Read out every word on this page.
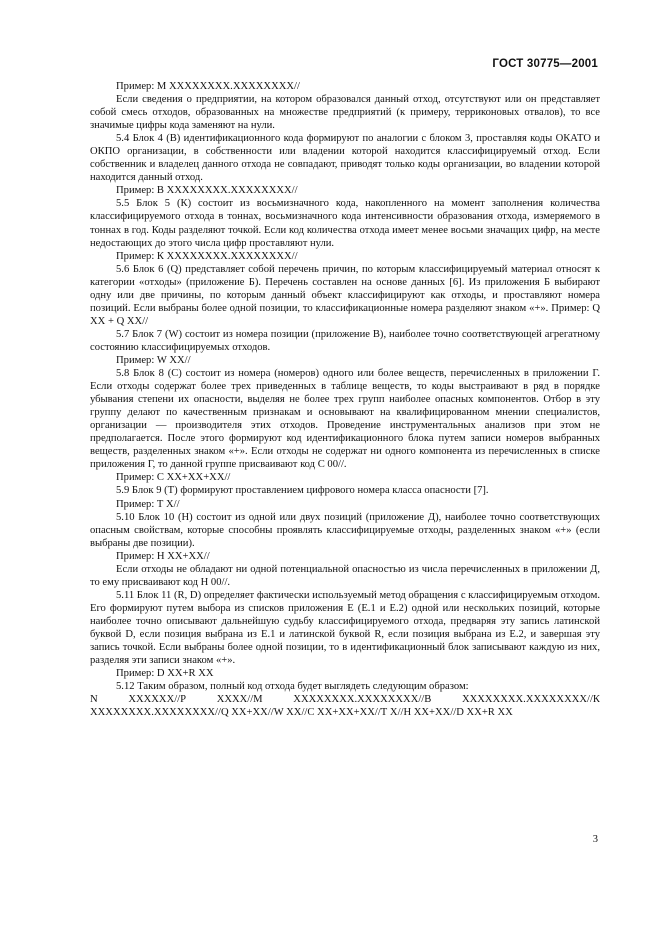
ГОСТ 30775—2001

Пример: М ХХХХХХХХ.ХХХХХХХХ//

Если сведения о предприятии, на котором образовался данный отход, отсутствуют или он представляет собой смесь отходов, образованных на множестве предприятий (к примеру, терриконовых отвалов), то все значимые цифры кода заменяют на нули.

5.4 Блок 4 (В) идентификационного кода формируют по аналогии с блоком 3, проставляя коды ОКАТО и ОКПО организации, в собственности или владении которой находится классифицируемый отход. Если собственник и владелец данного отхода не совпадают, приводят только коды организации, во владении которой находится данный отход.

Пример: В ХХХХХХХХ.ХХХХХХХХ//

5.5 Блок 5 (К) состоит из восьмизначного кода, накопленного на момент заполнения количества классифицируемого отхода в тоннах, восьмизначного кода интенсивности образования отхода, измеряемого в тоннах в год. Коды разделяют точкой. Если код количества отхода имеет менее восьми значащих цифр, на месте недостающих до этого числа цифр проставляют нули.

Пример: К ХХХХХХХХ.ХХХХХХХХ//

5.6 Блок 6 (Q) представляет собой перечень причин, по которым классифицируемый материал относят к категории «отходы» (приложение Б). Перечень составлен на основе данных [6]. Из приложения Б выбирают одну или две причины, по которым данный объект классифицируют как отходы, и проставляют номера позиций. Если выбраны более одной позиции, то классификационные номера разделяют знаком «+». Пример: Q ХХ + Q ХХ//

5.7 Блок 7 (W) состоит из номера позиции (приложение В), наиболее точно соответствующей агрегатному состоянию классифицируемых отходов.

Пример: W ХХ//

5.8 Блок 8 (С) состоит из номера (номеров) одного или более веществ, перечисленных в приложении Г. Если отходы содержат более трех приведенных в таблице веществ, то коды выстраивают в ряд в порядке убывания степени их опасности, выделяя не более трех групп наиболее опасных компонентов. Отбор в эту группу делают по качественным признакам и основывают на квалифицированном мнении специалистов, организации — производителя этих отходов. Проведение инструментальных анализов при этом не предполагается. После этого формируют код идентификационного блока путем записи номеров выбранных веществ, разделенных знаком «+». Если отходы не содержат ни одного компонента из перечисленных в списке приложения Г, то данной группе присваивают код С 00//.

Пример: С ХХ+ХХ+ХХ//

5.9 Блок 9 (Т) формируют проставлением цифрового номера класса опасности [7].

Пример: Т Х//

5.10 Блок 10 (Н) состоит из одной или двух позиций (приложение Д), наиболее точно соответствующих опасным свойствам, которые способны проявлять классифицируемые отходы, разделенных знаком «+» (если выбраны две позиции).

Пример: Н ХХ+ХХ//

Если отходы не обладают ни одной потенциальной опасностью из числа перечисленных в приложении Д, то ему присваивают код Н 00//.

5.11 Блок 11 (R, D) определяет фактически используемый метод обращения с классифицируемым отходом. Его формируют путем выбора из списков приложения Е (Е.1 и Е.2) одной или нескольких позиций, которые наиболее точно описывают дальнейшую судьбу классифицируемого отхода, предваряя эту запись латинской буквой D, если позиция выбрана из Е.1 и латинской буквой R, если позиция выбрана из Е.2, и завершая эту запись точкой. Если выбраны более одной позиции, то в идентификационный блок записывают каждую из них, разделяя эти записи знаком «+».

Пример: D ХХ+R ХХ

5.12 Таким образом, полный код отхода будет выглядеть следующим образом:

N ХХХХХХ//Р ХХХХ//М ХХХХХХХХ.ХХХХХХХХ//В ХХХХХХХХ.ХХХХХХХХ//К ХХХХХХХХ.ХХХХХХХХ//Q ХХ+ХХ//W ХХ//С ХХ+ХХ+ХХ//Т Х//Н ХХ+ХХ//D ХХ+R ХХ

3
